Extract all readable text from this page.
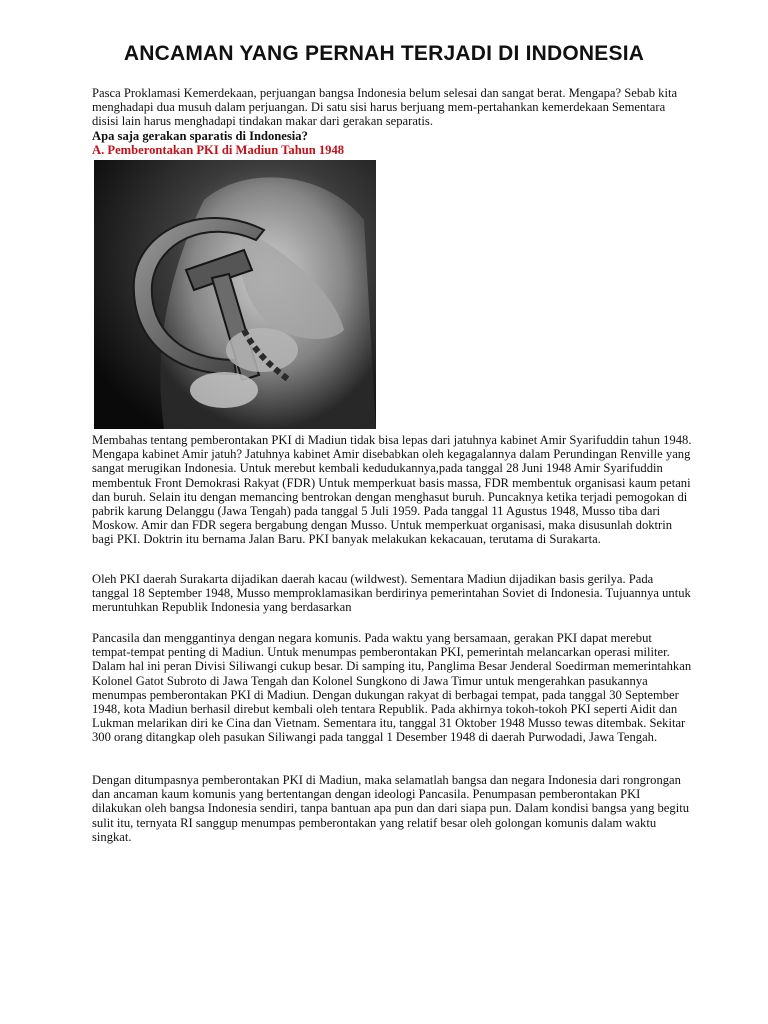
ANCAMAN YANG PERNAH TERJADI DI INDONESIA

Pasca Proklamasi Kemerdekaan, perjuangan bangsa Indonesia belum selesai dan sangat berat. Mengapa? Sebab kita menghadapi dua musuh dalam perjuangan. Di satu sisi harus berjuang mem-pertahankan kemerdekaan Sementara disisi lain harus menghadapi tindakan makar dari gerakan separatis.

Apa saja gerakan sparatis di Indonesia?
A. Pemberontakan PKI di Madiun Tahun 1948

Membahas tentang pemberontakan PKI di Madiun tidak bisa lepas dari jatuhnya kabinet Amir Syarifuddin tahun 1948. Mengapa kabinet Amir jatuh? Jatuhnya kabinet Amir disebabkan oleh kegagalannya dalam Perundingan Renville yang sangat merugikan Indonesia. Untuk merebut kembali kedudukannya,pada tanggal 28 Juni 1948 Amir Syarifuddin membentuk Front Demokrasi Rakyat (FDR) Untuk memperkuat basis massa, FDR membentuk organisasi kaum petani dan buruh. Selain itu dengan memancing bentrokan dengan menghasut buruh. Puncaknya ketika terjadi pemogokan di pabrik karung Delanggu (Jawa Tengah) pada tanggal 5 Juli 1959. Pada tanggal 11 Agustus 1948, Musso tiba dari Moskow. Amir dan FDR segera bergabung dengan Musso. Untuk memperkuat organisasi, maka disusunlah doktrin bagi PKI. Doktrin itu bernama Jalan Baru. PKI banyak melakukan kekacauan, terutama di Surakarta.

Oleh PKI daerah Surakarta dijadikan daerah kacau (wildwest). Sementara Madiun dijadikan basis gerilya. Pada tanggal 18 September 1948, Musso memproklamasikan berdirinya pemerintahan Soviet di Indonesia. Tujuannya untuk meruntuhkan Republik Indonesia yang berdasarkan

Pancasila dan menggantinya dengan negara komunis. Pada waktu yang bersamaan, gerakan PKI dapat merebut tempat-tempat penting di Madiun. Untuk menumpas pemberontakan PKI, pemerintah melancarkan operasi militer. Dalam hal ini peran Divisi Siliwangi cukup besar. Di samping itu, Panglima Besar Jenderal Soedirman memerintahkan Kolonel Gatot Subroto di Jawa Tengah dan Kolonel Sungkono di Jawa Timur untuk mengerahkan pasukannya menumpas pemberontakan PKI di Madiun. Dengan dukungan rakyat di berbagai tempat, pada tanggal 30 September 1948, kota Madiun berhasil direbut kembali oleh tentara Republik. Pada akhirnya tokoh-tokoh PKI seperti Aidit dan Lukman melarikan diri ke Cina dan Vietnam. Sementara itu, tanggal 31 Oktober 1948 Musso tewas ditembak. Sekitar 300 orang ditangkap oleh pasukan Siliwangi pada tanggal 1 Desember 1948 di daerah Purwodadi, Jawa Tengah.

Dengan ditumpasnya pemberontakan PKI di Madiun, maka selamatlah bangsa dan negara Indonesia dari rongrongan dan ancaman kaum komunis yang bertentangan dengan ideologi Pancasila. Penumpasan pemberontakan PKI dilakukan oleh bangsa Indonesia sendiri, tanpa bantuan apa pun dan dari siapa pun. Dalam kondisi bangsa yang begitu sulit itu, ternyata RI sanggup menumpas pemberontakan yang relatif besar oleh golongan komunis dalam waktu singkat.
